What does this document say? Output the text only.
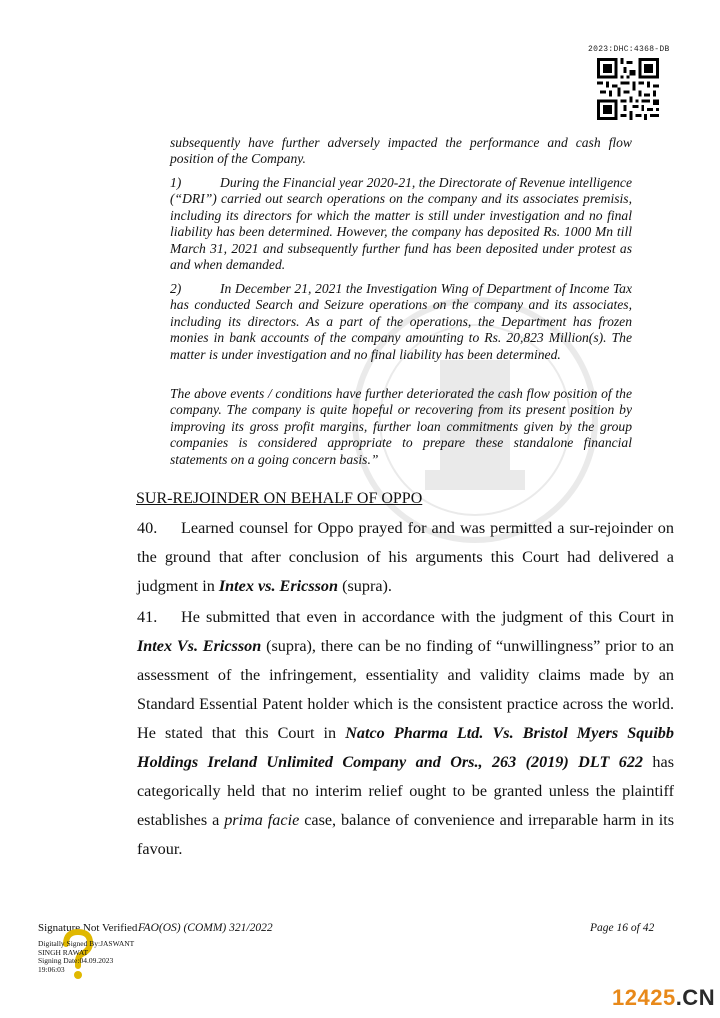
2023:DHC:4368-DB
subsequently have further adversely impacted the performance and cash flow position of the Company.
1)	During the Financial year 2020-21, the Directorate of Revenue intelligence (“DRI”) carried out search operations on the company and its associates premisis, including its directors for which the matter is still under investigation and no final liability has been determined. However, the company has deposited Rs. 1000 Mn till March 31, 2021 and subsequently further fund has been deposited under protest as and when demanded.
2)	In December 21, 2021 the Investigation Wing of Department of Income Tax has conducted Search and Seizure operations on the company and its associates, including its directors. As a part of the operations, the Department has frozen monies in bank accounts of the company amounting to Rs. 20,823 Million(s). The matter is under investigation and no final liability has been determined.
The above events / conditions have further deteriorated the cash flow position of the company. The company is quite hopeful or recovering from its present position by improving its gross profit margins, further loan commitments given by the group companies is considered appropriate to prepare these standalone financial statements on a going concern basis.”
SUR-REJOINDER ON BEHALF OF OPPO
40. Learned counsel for Oppo prayed for and was permitted a sur-rejoinder on the ground that after conclusion of his arguments this Court had delivered a judgment in Intex vs. Ericsson (supra).
41. He submitted that even in accordance with the judgment of this Court in Intex Vs. Ericsson (supra), there can be no finding of “unwillingness” prior to an assessment of the infringement, essentiality and validity claims made by an Standard Essential Patent holder which is the consistent practice across the world. He stated that this Court in Natco Pharma Ltd. Vs. Bristol Myers Squibb Holdings Ireland Unlimited Company and Ors., 263 (2019) DLT 622 has categorically held that no interim relief ought to be granted unless the plaintiff establishes a prima facie case, balance of convenience and irreparable harm in its favour.
Signature Not Verified FAO(OS) (COMM) 321/2022	Page 16 of 42
Digitally Signed By:JASWANT
SINGH RAWAT
Signing Date:04.09.2023
19:06:03
12425.CN
